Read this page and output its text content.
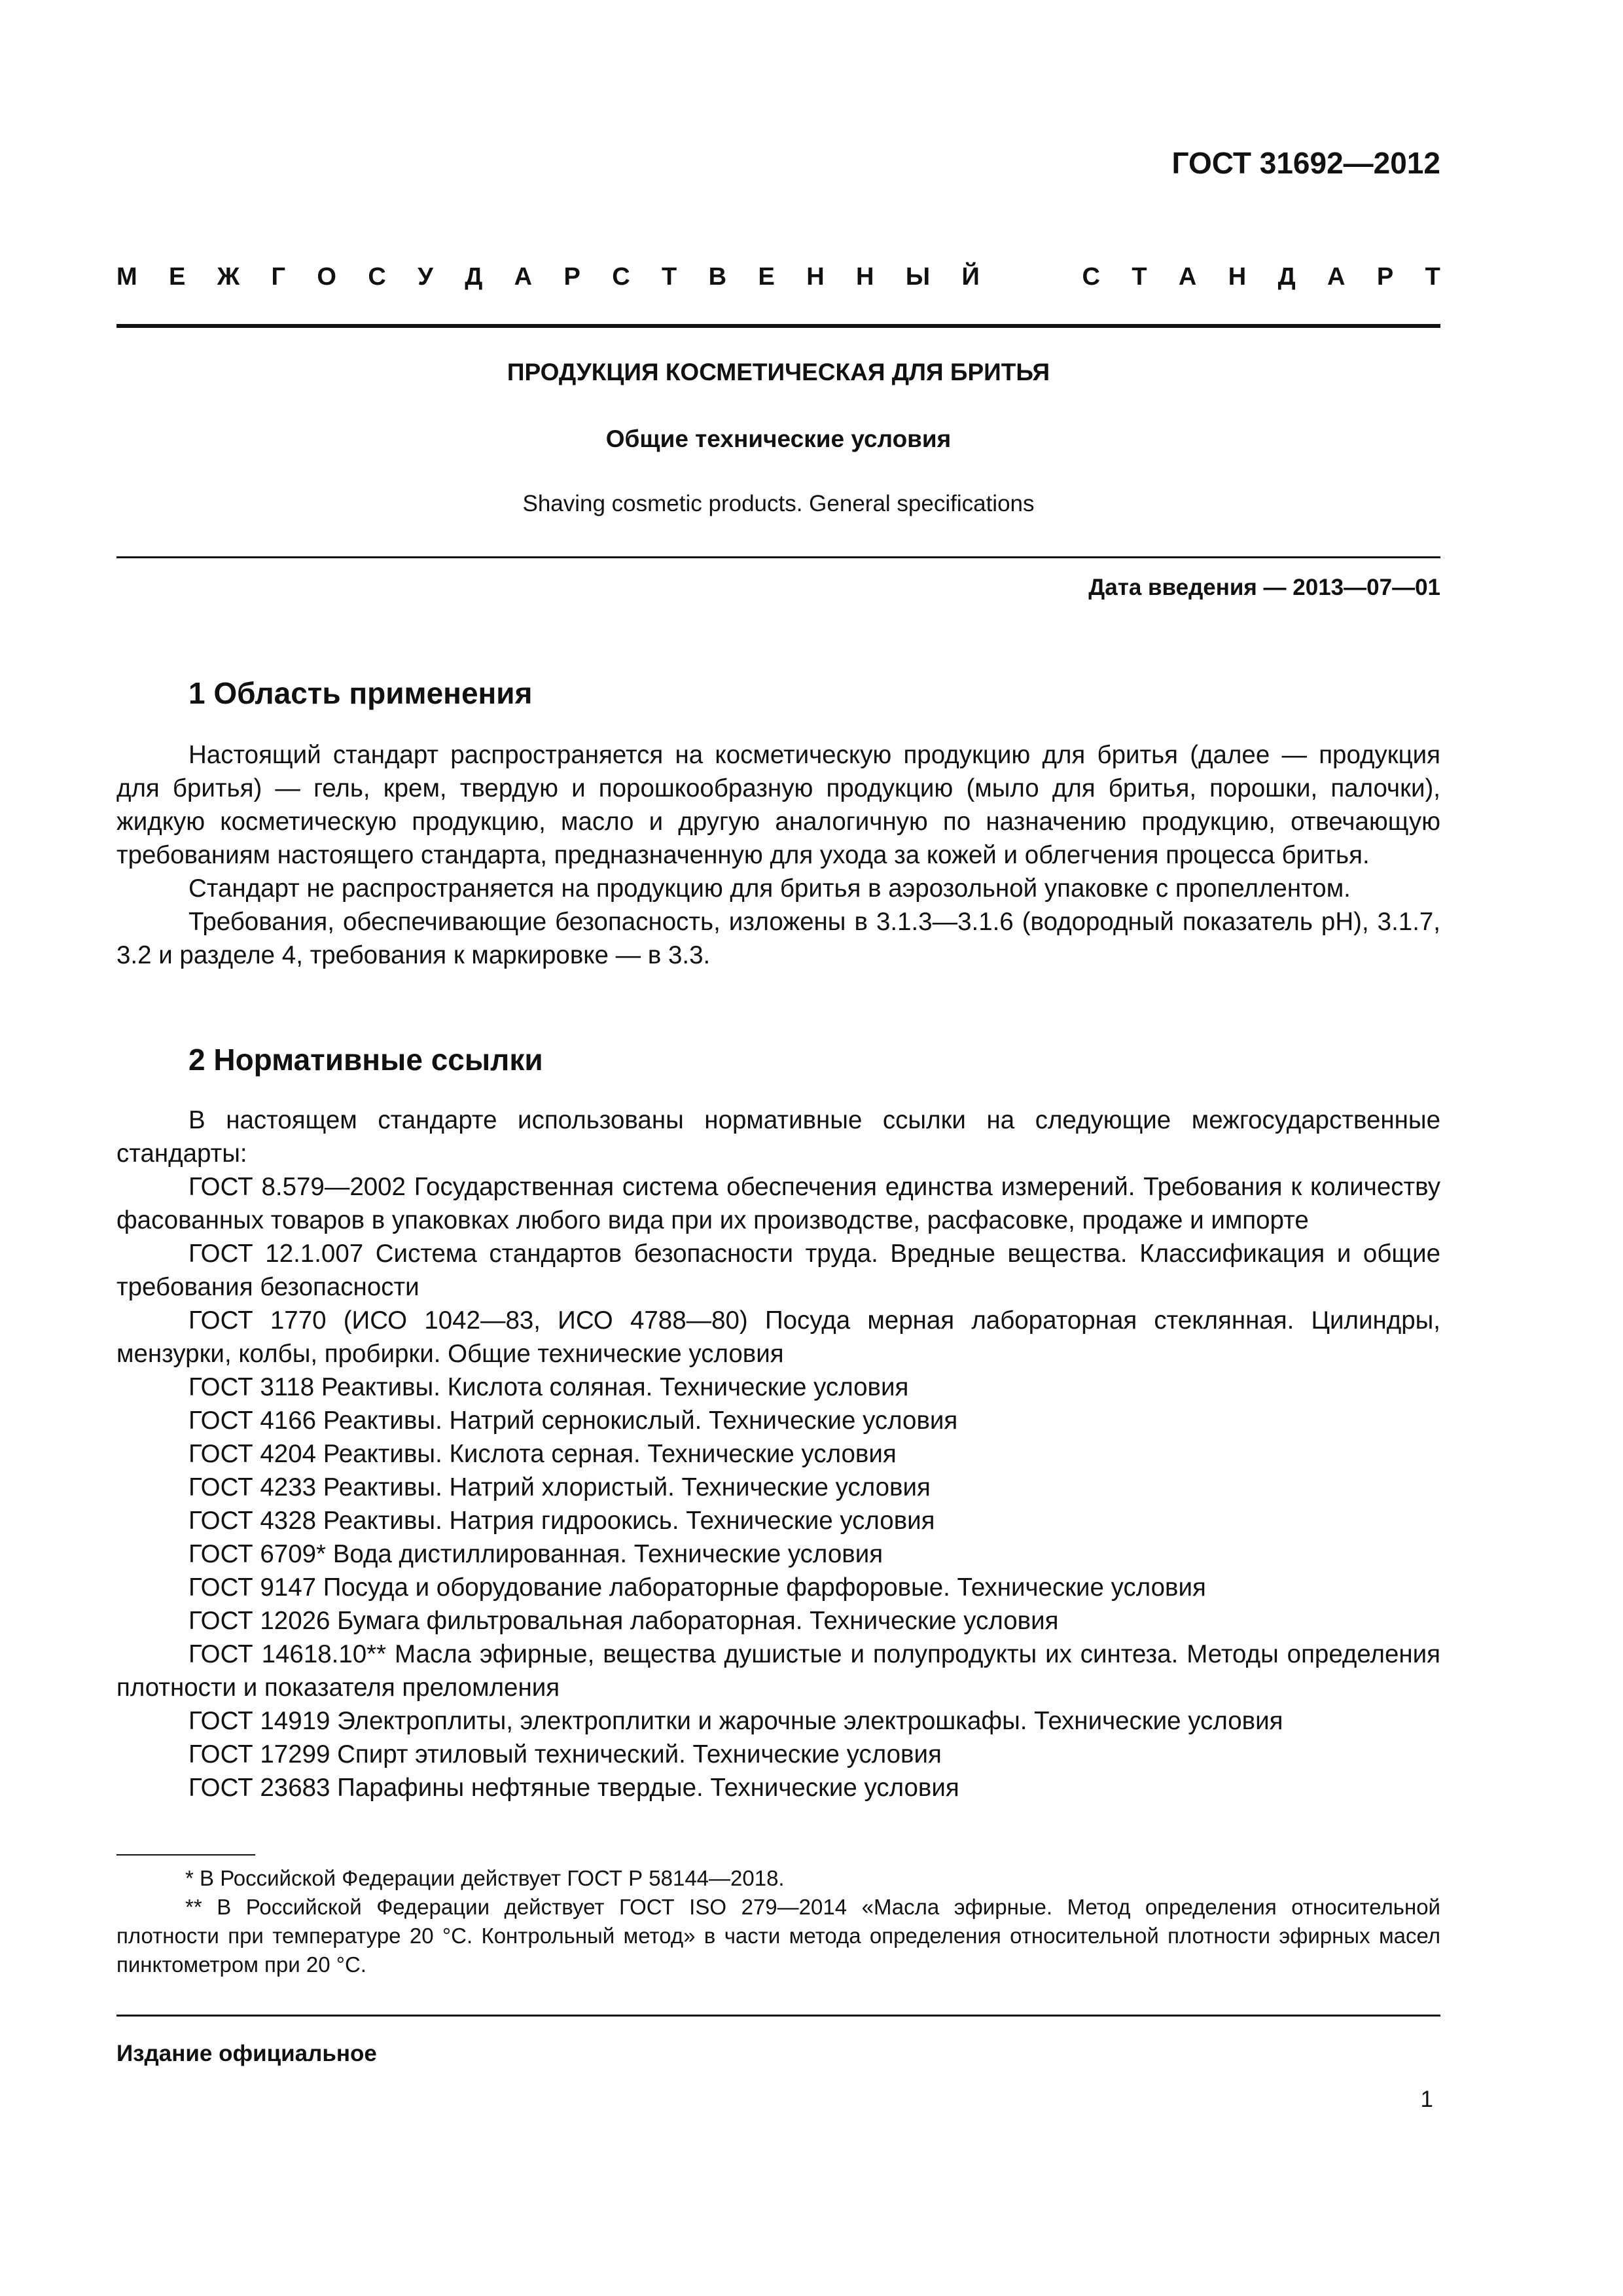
ГОСТ 31692—2012
М Е Ж Г О С У Д А Р С Т В Е Н Н Ы Й	С Т А Н Д А Р Т
ПРОДУКЦИЯ КОСМЕТИЧЕСКАЯ ДЛЯ БРИТЬЯ
Общие технические условия
Shaving cosmetic products. General specifications
Дата введения — 2013—07—01
1 Область применения

Настоящий стандарт распространяется на косметическую продукцию для бритья (далее — продукция для бритья) — гель, крем, твердую и порошкообразную продукцию (мыло для бритья, порошки, палочки), жидкую косметическую продукцию, масло и другую аналогичную по назначению продукцию, отвечающую требованиям настоящего стандарта, предназначенную для ухода за кожей и облегчения процесса бритья.

Стандарт не распространяется на продукцию для бритья в аэрозольной упаковке с пропеллентом.

Требования, обеспечивающие безопасность, изложены в 3.1.3—3.1.6 (водородный показатель pH), 3.1.7, 3.2 и разделе 4, требования к маркировке — в 3.3.

2 Нормативные ссылки

В настоящем стандарте использованы нормативные ссылки на следующие межгосударственные стандарты:

ГОСТ 8.579—2002 Государственная система обеспечения единства измерений. Требования к количеству фасованных товаров в упаковках любого вида при их производстве, расфасовке, продаже и импорте

ГОСТ 12.1.007 Система стандартов безопасности труда. Вредные вещества. Классификация и общие требования безопасности

ГОСТ 1770 (ИСО 1042—83, ИСО 4788—80) Посуда мерная лабораторная стеклянная. Цилиндры, мензурки, колбы, пробирки. Общие технические условия

ГОСТ 3118 Реактивы. Кислота соляная. Технические условия

ГОСТ 4166 Реактивы. Натрий сернокислый. Технические условия

ГОСТ 4204 Реактивы. Кислота серная. Технические условия

ГОСТ 4233 Реактивы. Натрий хлористый. Технические условия

ГОСТ 4328 Реактивы. Натрия гидроокись. Технические условия

ГОСТ 6709* Вода дистиллированная. Технические условия

ГОСТ 9147 Посуда и оборудование лабораторные фарфоровые. Технические условия

ГОСТ 12026 Бумага фильтровальная лабораторная. Технические условия

ГОСТ 14618.10** Масла эфирные, вещества душистые и полупродукты их синтеза. Методы определения плотности и показателя преломления

ГОСТ 14919 Электроплиты, электроплитки и жарочные электрошкафы. Технические условия

ГОСТ 17299 Спирт этиловый технический. Технические условия

ГОСТ 23683 Парафины нефтяные твердые. Технические условия

* В Российской Федерации действует ГОСТ Р 58144—2018.

** В Российской Федерации действует ГОСТ ISO 279—2014 «Масла эфирные. Метод определения относительной плотности при температуре 20 °С. Контрольный метод» в части метода определения относительной плотности эфирных масел пинктометром при 20 °С.

Издание официальное
1
